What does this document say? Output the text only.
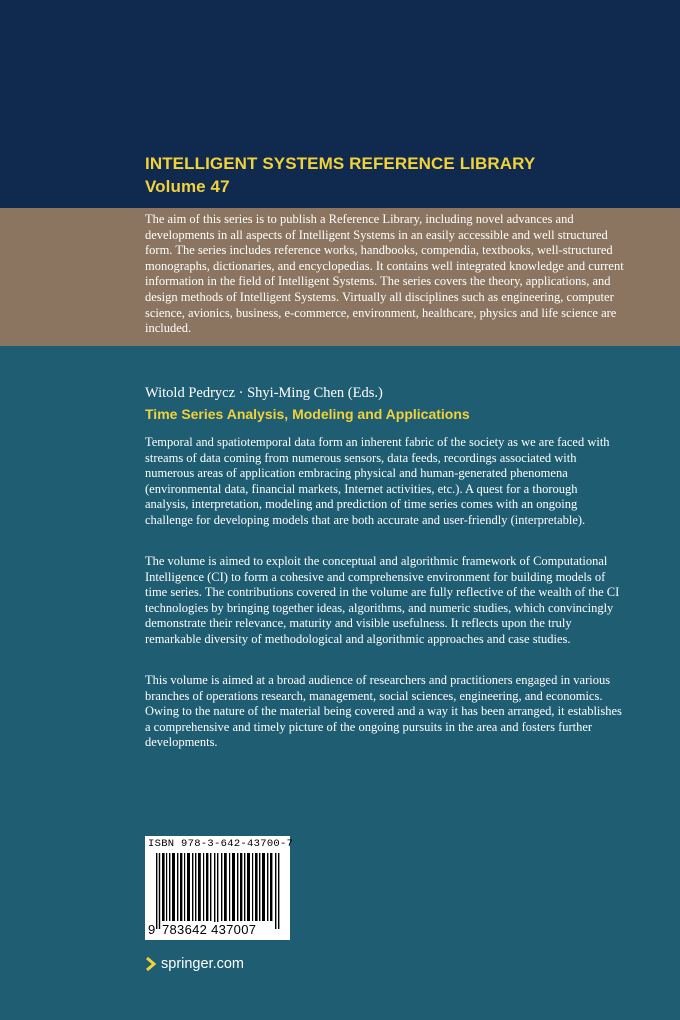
INTELLIGENT SYSTEMS REFERENCE LIBRARY
Volume 47
The aim of this series is to publish a Reference Library, including novel advances and developments in all aspects of Intelligent Systems in an easily accessible and well structured form. The series includes reference works, handbooks, compendia, textbooks, well-structured monographs, dictionaries, and encyclopedias. It contains well integrated knowledge and current information in the field of Intelligent Systems. The series covers the theory, applications, and design methods of Intelligent Systems. Virtually all disciplines such as engineering, computer science, avionics, business, e-commerce, environment, healthcare, physics and life science are included.
Witold Pedrycz · Shyi-Ming Chen (Eds.)
Time Series Analysis, Modeling and Applications
Temporal and spatiotemporal data form an inherent fabric of the society as we are faced with streams of data coming from numerous sensors, data feeds, recordings associated with numerous areas of application embracing physical and human-generated phenomena (environmental data, financial markets, Internet activities, etc.). A quest for a thorough analysis, interpretation, modeling and prediction of time series comes with an ongoing challenge for developing models that are both accurate and user-friendly (interpretable).
The volume is aimed to exploit the conceptual and algorithmic framework of Computational Intelligence (CI) to form a cohesive and comprehensive environment for building models of time series. The contributions covered in the volume are fully reflective of the wealth of the CI technologies by bringing together ideas, algorithms, and numeric studies, which convincingly demonstrate their relevance, maturity and visible usefulness. It reflects upon the truly remarkable diversity of methodological and algorithmic approaches and case studies.
This volume is aimed at a broad audience of researchers and practitioners engaged in various branches of operations research, management, social sciences, engineering, and economics. Owing to the nature of the material being covered and a way it has been arranged, it establishes a comprehensive and timely picture of the ongoing pursuits in the area and fosters further developments.
ISBN 978-3-642-43700-7
9 783642 437007
springer.com
